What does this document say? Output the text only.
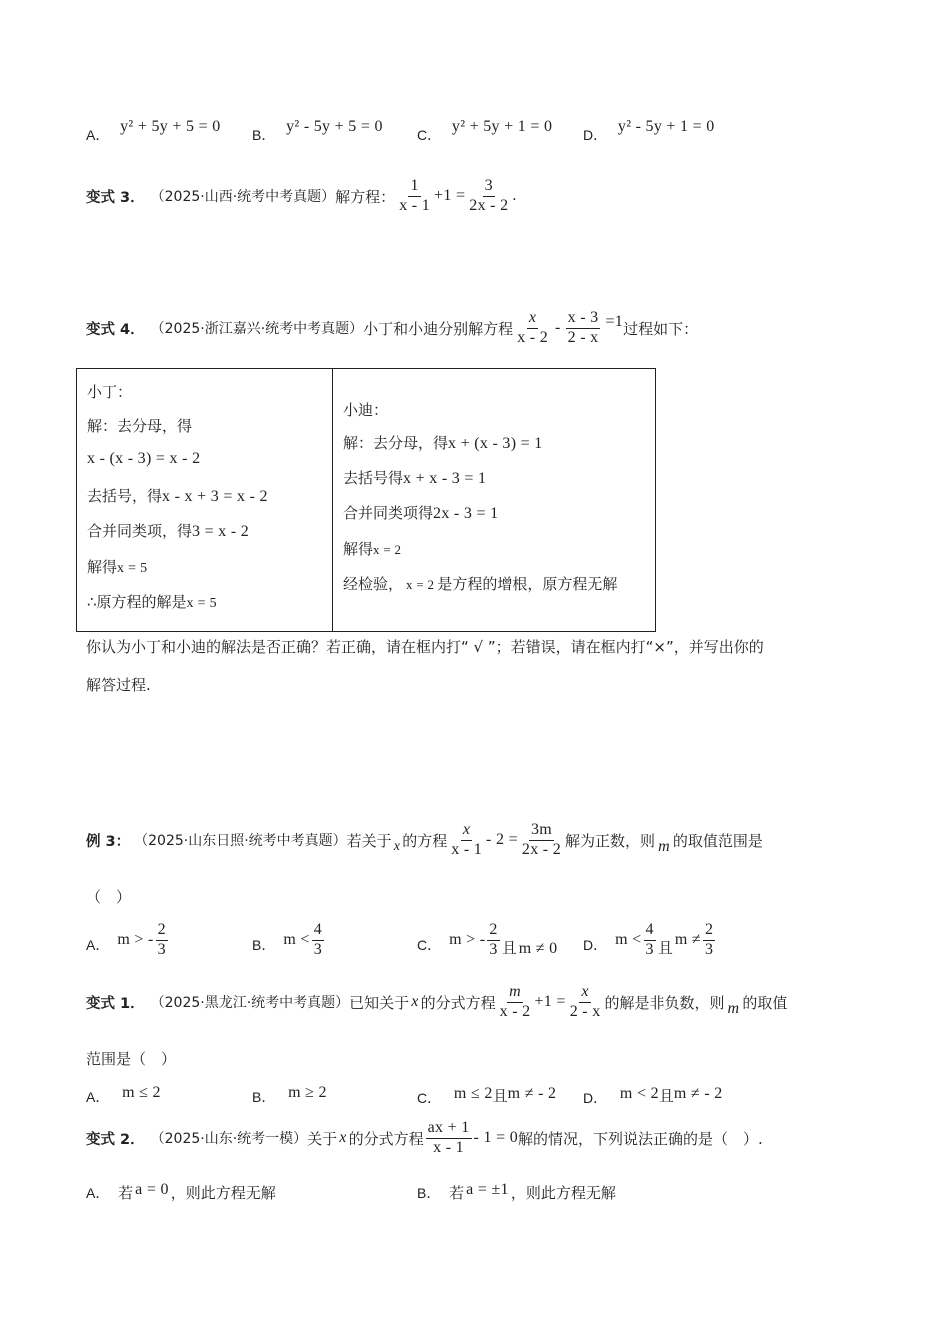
A． y² + 5y + 5 = 0 B． y² - 5y + 5 = 0 C． y² + 5y + 1 = 0 D． y² - 5y + 1 = 0
变式 3． （2025·山西·统考中考真题） 解方程： $\frac{1}{x - 1} +1 = \frac{3}{2x - 2}$ .
变式 4． （2025·浙江嘉兴·统考中考真题） 小丁和小迪分别解方程 $\frac{x}{x - 2} - \frac{x - 3}{2 - x} =1$ 过程如下：
小丁：
解：去分母，得
x - (x - 3) = x - 2
去括号，得x - x + 3 = x - 2
合并同类项，得3 = x - 2
解得x = 5
∴原方程的解是x = 5
小迪：
解：去分母，得x + (x - 3) = 1
去括号得x + x - 3 = 1
合并同类项得2x - 3 = 1
解得x = 2
经检验， x = 2 是方程的增根，原方程无解
你认为小丁和小迪的解法是否正确？若正确，请在框内打“ √ ”；若错误，请在框内打“×”，并写出你的
解答过程.
例 3： （2025·山东日照·统考中考真题） 若关于 x 的方程 $\frac{x}{x - 1} - 2 = \frac{3m}{2x - 2}$ 解为正数，则 m 的取值范围是
（　）
A． m > - $\frac{2}{3}$	B． $m < \frac{4}{3}$	C． m > - $\frac{2}{3}$ 且 m ≠ 0 D． $m < \frac{4}{3}$ 且 $m \ne \frac{2}{3}$
变式 1． （2025·黑龙江·统考中考真题） 已知关于 x 的分式方程 $\frac{m}{x - 2} +1 = \frac{x}{2 - x}$ 的解是非负数，则 m 的取值
范围是（　）
A． m ≤ 2	B． m ≥ 2	C． m ≤ 2且m ≠ - 2 D． m < 2且m ≠ - 2
变式 2． （2025·山东·统考一模） 关于 x 的分式方程 $\frac{ax + 1}{x - 1} - 1 = 0$ 解的情况，下列说法正确的是（　）.
A． 若 a = 0 ，则此方程无解	B． 若 a = ±1 ，则此方程无解
